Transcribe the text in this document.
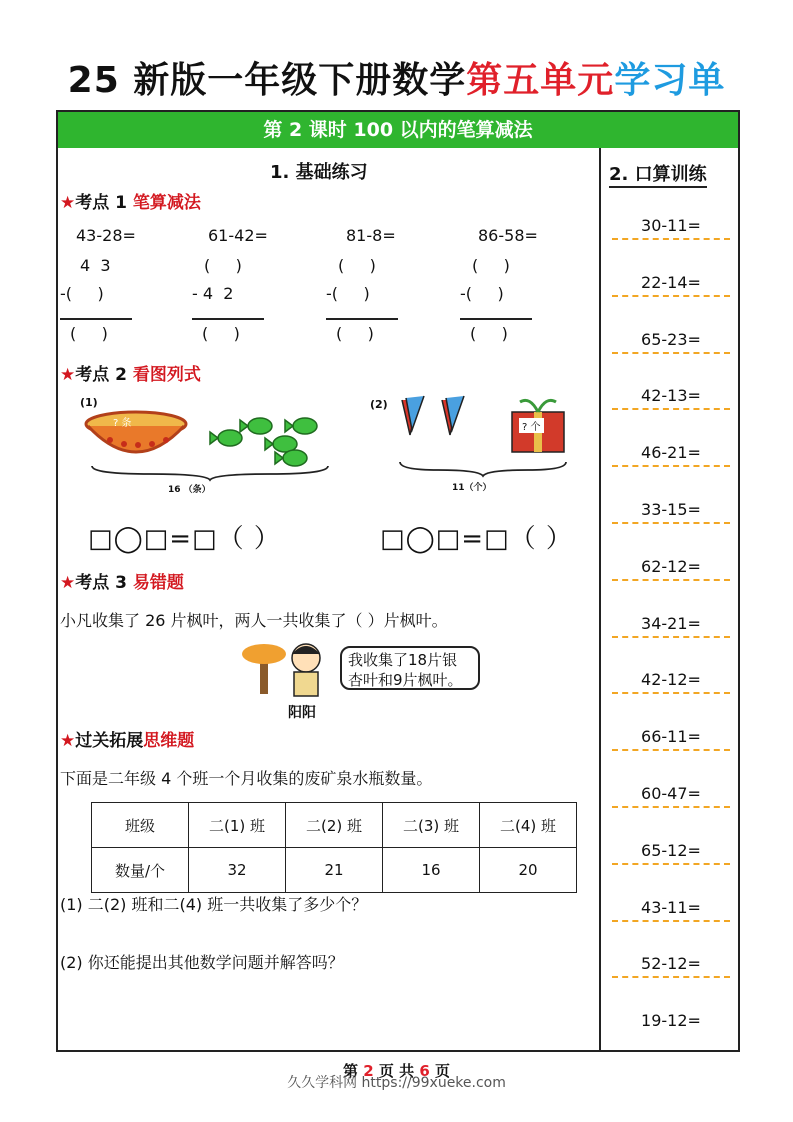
25 新版一年级下册数学第五单元学习单
第 2 课时 100 以内的笔算减法
1. 基础练习	2. 口算训练
★考点 1 笔算减法
43-28=
4  3
-(     )
(     )
61-42=
(     )
- 4  2
(     )
81-8=
(     )
-(     )
(     )
86-58=
(     )
-(     )
(     )
★考点 2 看图列式
(1)
? 条
16 （条）
(2)
? 个
11（个）
□◯□=□（ ）	□◯□=□（ ）
★考点 3 易错题
小凡收集了 26 片枫叶，两人一共收集了（ ）片枫叶。
我收集了18片银
杏叶和9片枫叶。
阳阳
★过关拓展思维题
下面是二年级 4 个班一个月收集的废矿泉水瓶数量。
班级	二(1) 班	二(2) 班	二(3) 班	二(4) 班
数量/个	32	21	16	20
(1) 二(2) 班和二(4) 班一共收集了多少个？
(2) 你还能提出其他数学问题并解答吗？
30-11=
22-14=
65-23=
42-13=
46-21=
33-15=
62-12=
34-21=
42-12=
66-11=
60-47=
65-12=
43-11=
52-12=
19-12=
第 2 页 共 6 页
久久学科网 https://99xueke.com
